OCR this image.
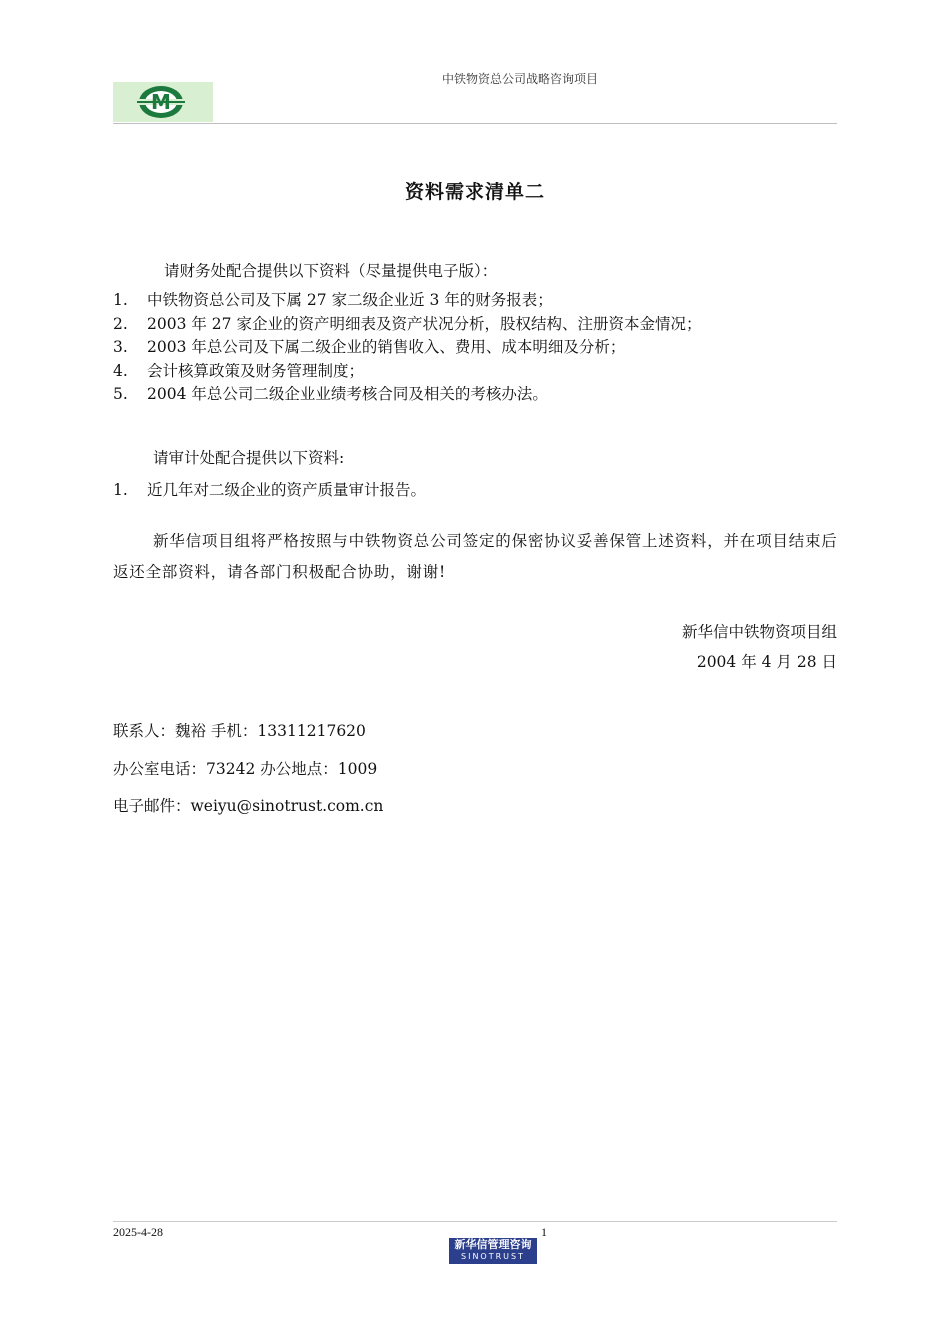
中铁物资总公司战略咨询项目
M
资料需求清单二
请财务处配合提供以下资料（尽量提供电子版）：
1. 中铁物资总公司及下属 27 家二级企业近 3 年的财务报表；
2. 2003 年 27 家企业的资产明细表及资产状况分析，股权结构、注册资本金情况；
3. 2003 年总公司及下属二级企业的销售收入、费用、成本明细及分析；
4. 会计核算政策及财务管理制度；
5. 2004 年总公司二级企业业绩考核合同及相关的考核办法。
请审计处配合提供以下资料:
1. 近几年对二级企业的资产质量审计报告。
新华信项目组将严格按照与中铁物资总公司签定的保密协议妥善保管上述资料，并在项目结束后返还全部资料，请各部门积极配合协助，谢谢!
新华信中铁物资项目组
2004 年 4 月 28 日
联系人：魏裕 手机：13311217620
办公室电话：73242 办公地点：1009
电子邮件：weiyu@sinotrust.com.cn
2025-4-28	1
新华信管理咨询
SINOTRUST
